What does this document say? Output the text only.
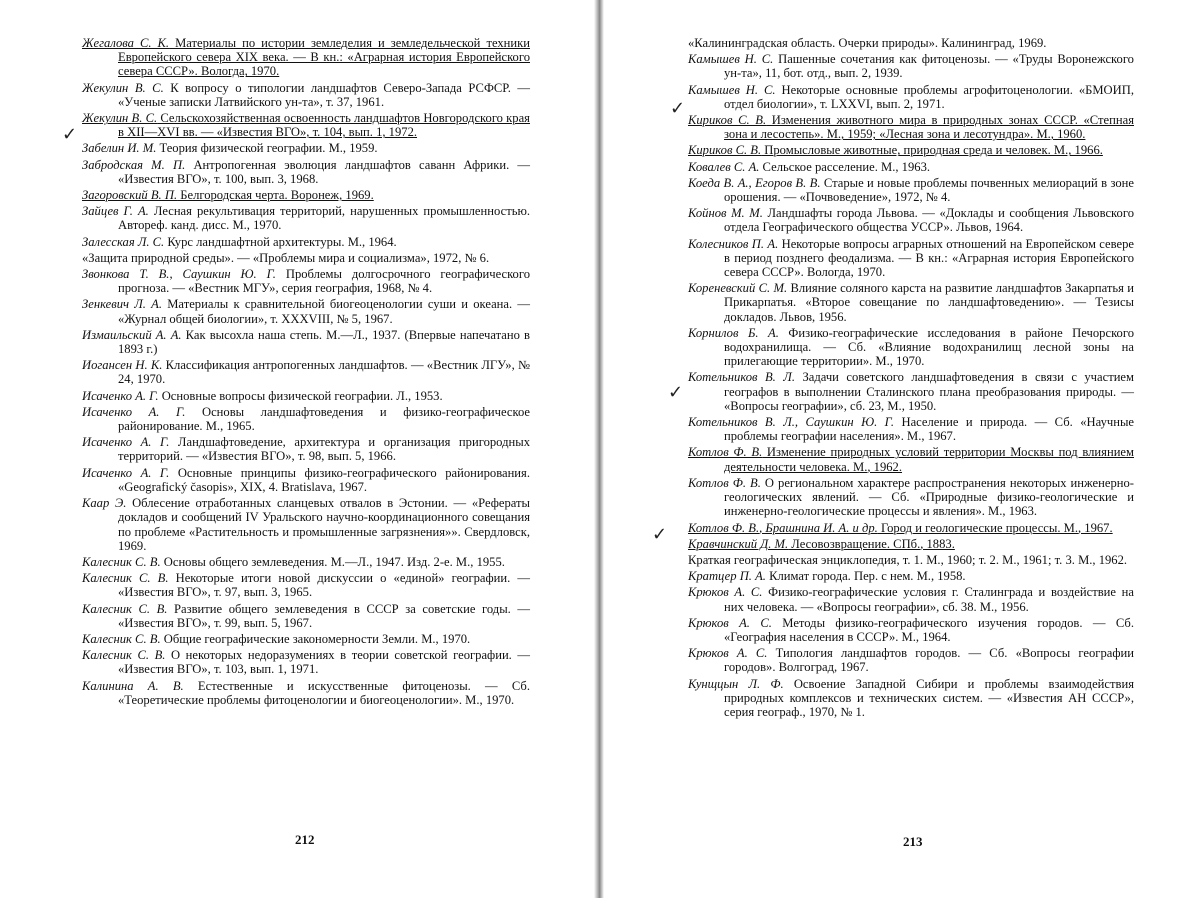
Жегалова С. К. Материалы по истории земледелия и земледельческой техники Европейского севера XIX века. — В кн.: «Аграрная история Европейского севера СССР». Вологда, 1970.

Жекулин В. С. К вопросу о типологии ландшафтов Северо-Запада РСФСР. — «Ученые записки Латвийского ун-та», т. 37, 1961.

Жекулин В. С. Сельскохозяйственная освоенность ландшафтов Новгородского края в XII—XVI вв. — «Известия ВГО», т. 104, вып. 1, 1972.

Забелин И. М. Теория физической географии. М., 1959.

Забродская М. П. Антропогенная эволюция ландшафтов саванн Африки. — «Известия ВГО», т. 100, вып. 3, 1968.

Загоровский В. П. Белгородская черта. Воронеж, 1969.

Зайцев Г. А. Лесная рекультивация территорий, нарушенных промышленностью. Автореф. канд. дисс. М., 1970.

Залесская Л. С. Курс ландшафтной архитектуры. М., 1964.

«Защита природной среды». — «Проблемы мира и социализма», 1972, № 6.

Звонкова Т. В., Саушкин Ю. Г. Проблемы долгосрочного географического прогноза. — «Вестник МГУ», серия география, 1968, № 4.

Зенкевич Л. А. Материалы к сравнительной биогеоценологии суши и океана. — «Журнал общей биологии», т. XXXVIII, № 5, 1967.

Измаильский А. А. Как высохла наша степь. М.—Л., 1937. (Впервые напечатано в 1893 г.)

Иогансен Н. К. Классификация антропогенных ландшафтов. — «Вестник ЛГУ», № 24, 1970.

Исаченко А. Г. Основные вопросы физической географии. Л., 1953.

Исаченко А. Г. Основы ландшафтоведения и физико-географическое районирование. М., 1965.

Исаченко А. Г. Ландшафтоведение, архитектура и организация пригородных территорий. — «Известия ВГО», т. 98, вып. 5, 1966.

Исаченко А. Г. Основные принципы физико-географического районирования. «Geografický časopis», XIX, 4. Bratislava, 1967.

Каар Э. Облесение отработанных сланцевых отвалов в Эстонии. — «Рефераты докладов и сообщений IV Уральского научно-координационного совещания по проблеме «Растительность и промышленные загрязнения»». Свердловск, 1969.

Калесник С. В. Основы общего землеведения. М.—Л., 1947. Изд. 2-е. М., 1955.

Калесник С. В. Некоторые итоги новой дискуссии о «единой» географии. — «Известия ВГО», т. 97, вып. 3, 1965.

Калесник С. В. Развитие общего землеведения в СССР за советские годы. — «Известия ВГО», т. 99, вып. 5, 1967.

Калесник С. В. Общие географические закономерности Земли. М., 1970.

Калесник С. В. О некоторых недоразумениях в теории советской географии. — «Известия ВГО», т. 103, вып. 1, 1971.

Калинина А. В. Естественные и искусственные фитоценозы. — Сб. «Теоретические проблемы фитоценологии и биогеоценологии». М., 1970.

212

«Калининградская область. Очерки природы». Калининград, 1969.

Камышев Н. С. Пашенные сочетания как фитоценозы. — «Труды Воронежского ун-та», 11, бот. отд., вып. 2, 1939.

Камышев Н. С. Некоторые основные проблемы агрофитоценологии. «БМОИП, отдел биологии», т. LXXVI, вып. 2, 1971.

Кириков С. В. Изменения животного мира в природных зонах СССР. «Степная зона и лесостепь». М., 1959; «Лесная зона и лесотундра». М., 1960.

Кириков С. В. Промысловые животные, природная среда и человек. М., 1966.

Ковалев С. А. Сельское расселение. М., 1963.

Коеда В. А., Егоров В. В. Старые и новые проблемы почвенных мелиораций в зоне орошения. — «Почвоведение», 1972, № 4.

Койнов М. М. Ландшафты города Львова. — «Доклады и сообщения Львовского отдела Географического общества УССР». Львов, 1964.

Колесников П. А. Некоторые вопросы аграрных отношений на Европейском севере в период позднего феодализма. — В кн.: «Аграрная история Европейского севера СССР». Вологда, 1970.

Кореневский С. М. Влияние соляного карста на развитие ландшафтов Закарпатья и Прикарпатья. «Второе совещание по ландшафтоведению». — Тезисы докладов. Львов, 1956.

Корнилов Б. А. Физико-географические исследования в районе Печорского водохранилища. — Сб. «Влияние водохранилищ лесной зоны на прилегающие территории». М., 1970.

Котельников В. Л. Задачи советского ландшафтоведения в связи с участием географов в выполнении Сталинского плана преобразования природы. — «Вопросы географии», сб. 23, М., 1950.

Котельников В. Л., Саушкин Ю. Г. Население и природа. — Сб. «Научные проблемы географии населения». М., 1967.

Котлов Ф. В. Изменение природных условий территории Москвы под влиянием деятельности человека. М., 1962.

Котлов Ф. В. О региональном характере распространения некоторых инженерно-геологических явлений. — Сб. «Природные физико-геологические и инженерно-геологические процессы и явления». М., 1963.

Котлов Ф. В., Брашнина И. А. и др. Город и геологические процессы. М., 1967.

Кравчинский Д. М. Лесовозвращение. СПб., 1883.

Краткая географическая энциклопедия, т. 1. М., 1960; т. 2. М., 1961; т. 3. М., 1962.

Кратцер П. А. Климат города. Пер. с нем. М., 1958.

Крюков А. С. Физико-географические условия г. Сталинграда и воздействие на них человека. — «Вопросы географии», сб. 38. М., 1956.

Крюков А. С. Методы физико-географического изучения городов. — Сб. «География населения в СССР». М., 1964.

Крюков А. С. Типология ландшафтов городов. — Сб. «Вопросы географии городов». Волгоград, 1967.

Кунщцын Л. Ф. Освоение Западной Сибири и проблемы взаимодействия природных комплексов и технических систем. — «Известия АН СССР», серия географ., 1970, № 1.

213
✓
✓
✓
✓
